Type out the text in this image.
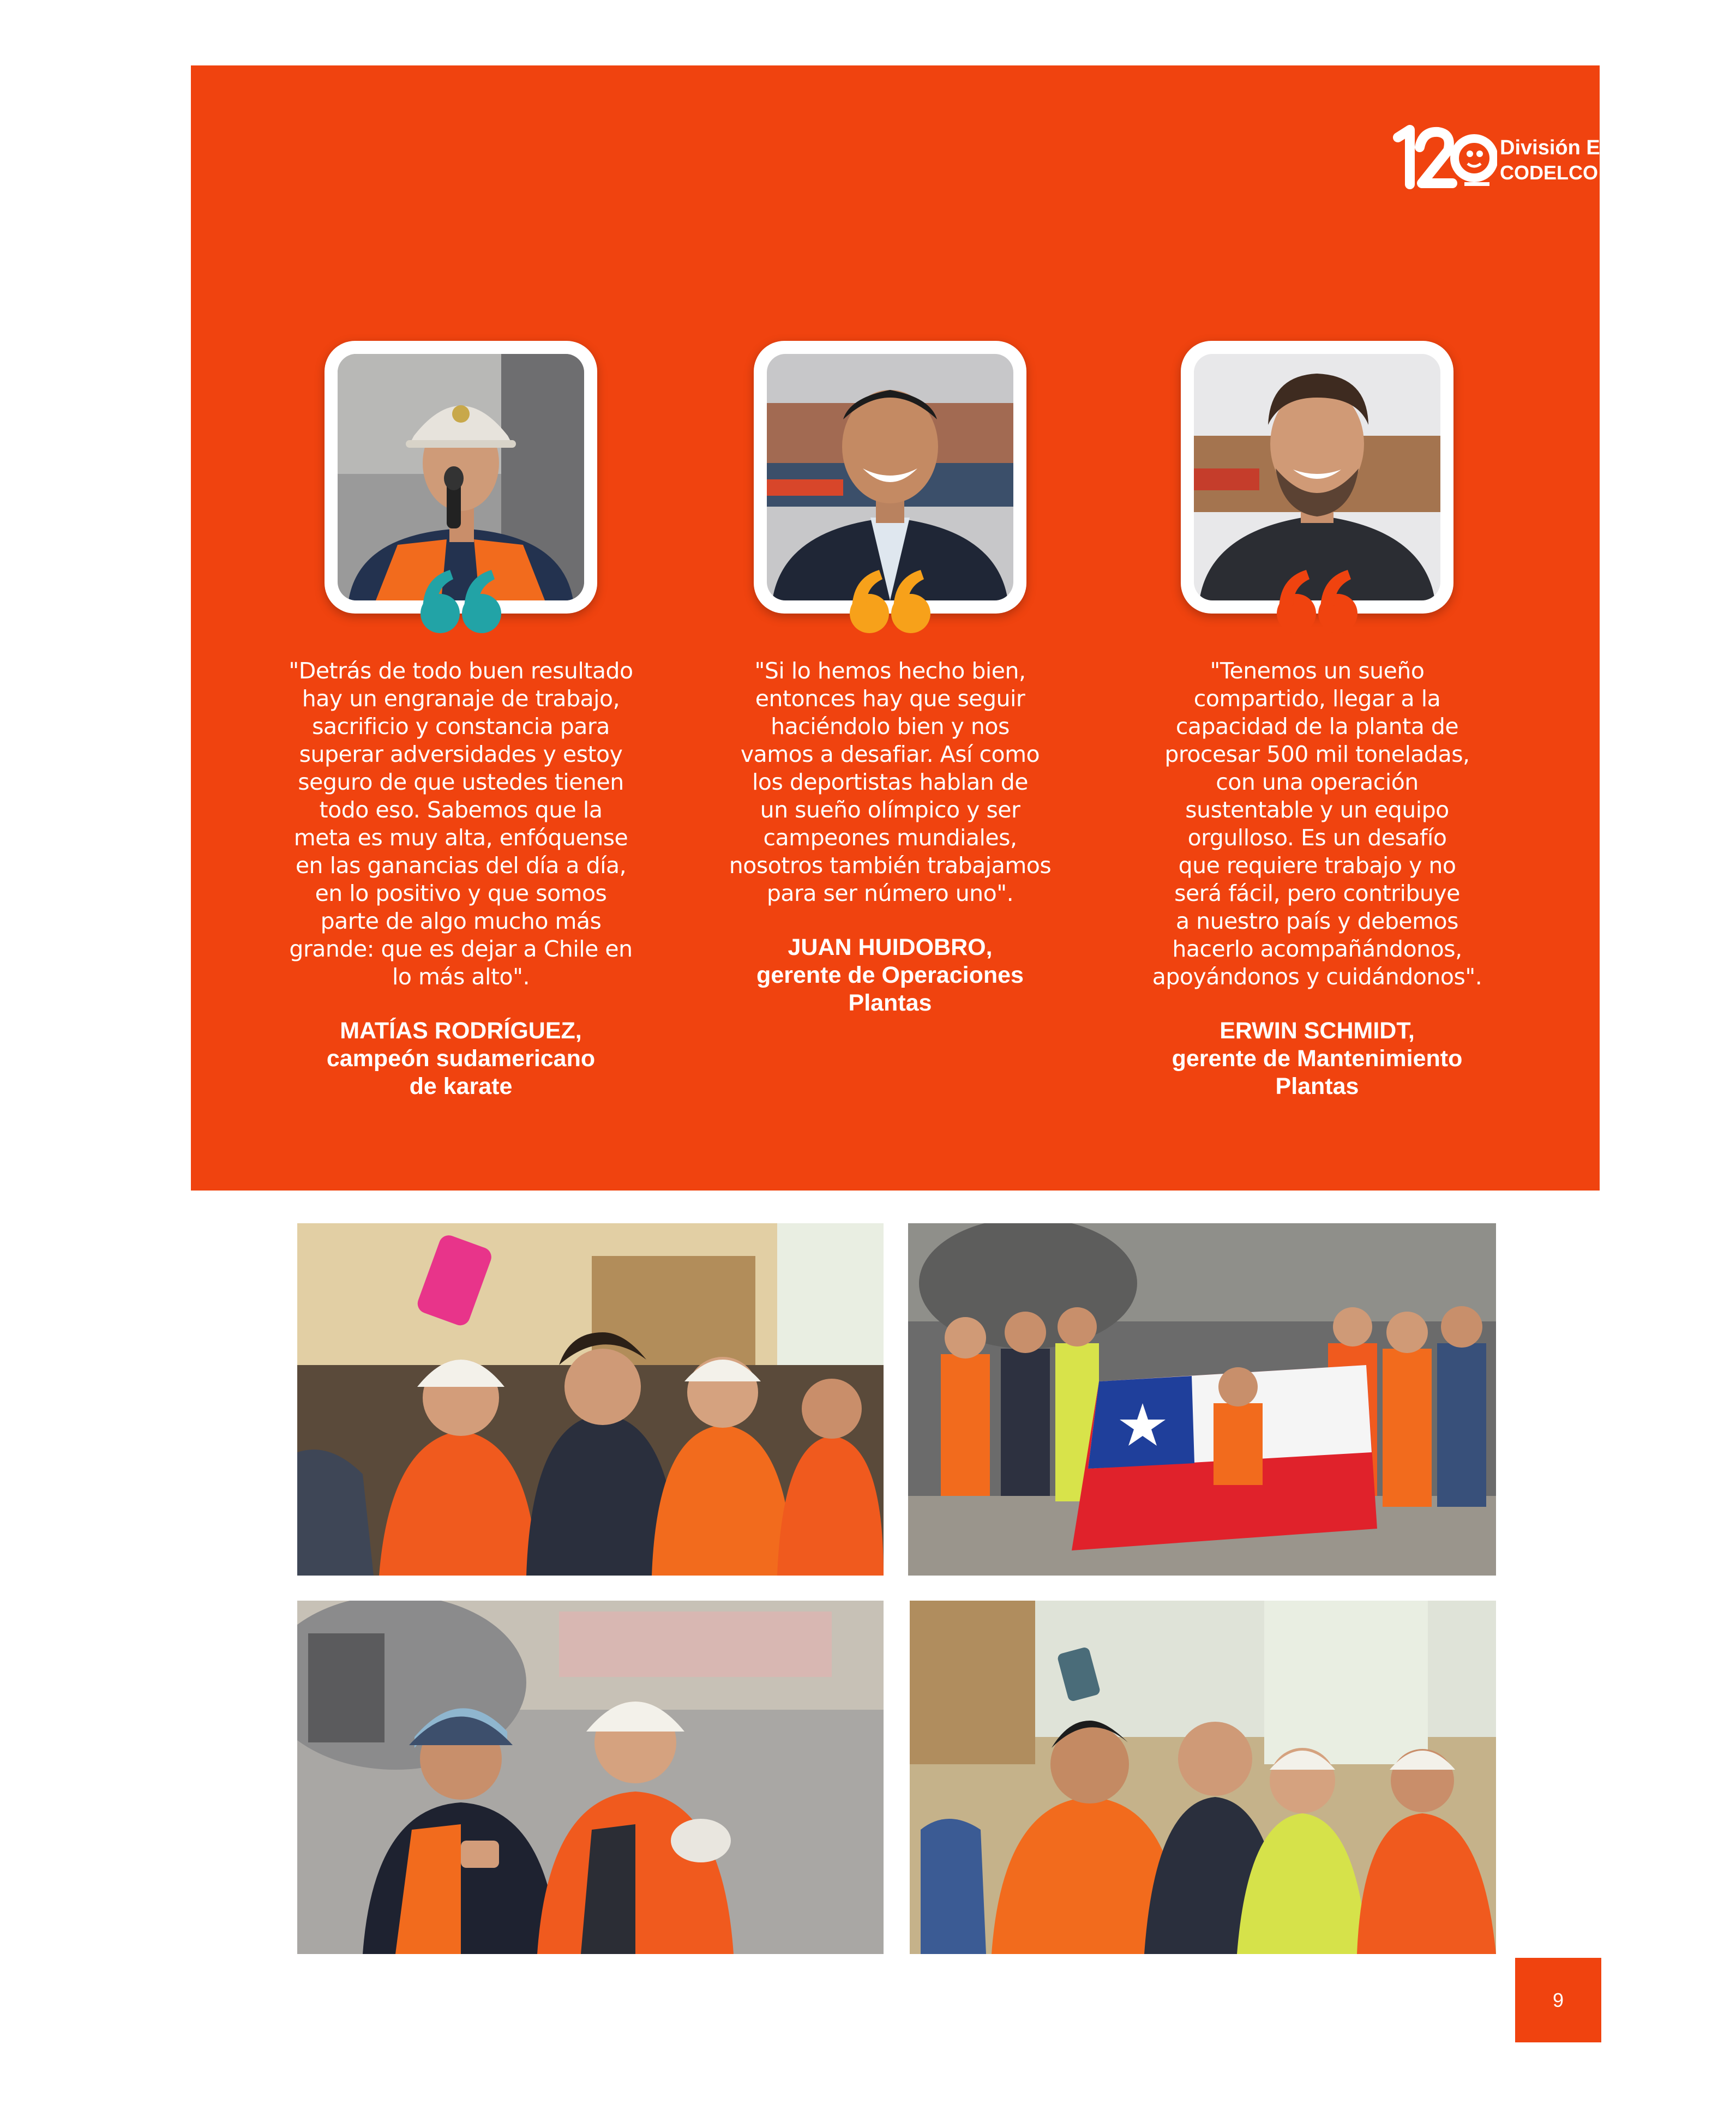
División El Teniente
CODELCO
"Detrás de todo buen resultado
hay un engranaje de trabajo,
sacrificio y constancia para
superar adversidades y estoy
seguro de que ustedes tienen
todo eso. Sabemos que la
meta es muy alta, enfóquense
en las ganancias del día a día,
en lo positivo y que somos
parte de algo mucho más
grande: que es dejar a Chile en
lo más alto".
MATÍAS RODRÍGUEZ,
campeón sudamericano
de karate
"Si lo hemos hecho bien,
entonces hay que seguir
haciéndolo bien y nos
vamos a desafiar. Así como
los deportistas hablan de
un sueño olímpico y ser
campeones mundiales,
nosotros también trabajamos
para ser número uno".
JUAN HUIDOBRO,
gerente de Operaciones
Plantas
"Tenemos un sueño
compartido, llegar a la
capacidad de la planta de
procesar 500 mil toneladas,
con una operación
sustentable y un equipo
orgulloso. Es un desafío
que requiere trabajo y no
será fácil, pero contribuye
a nuestro país y debemos
hacerlo acompañándonos,
apoyándonos y cuidándonos".
ERWIN SCHMIDT,
gerente de Mantenimiento
Plantas
9
